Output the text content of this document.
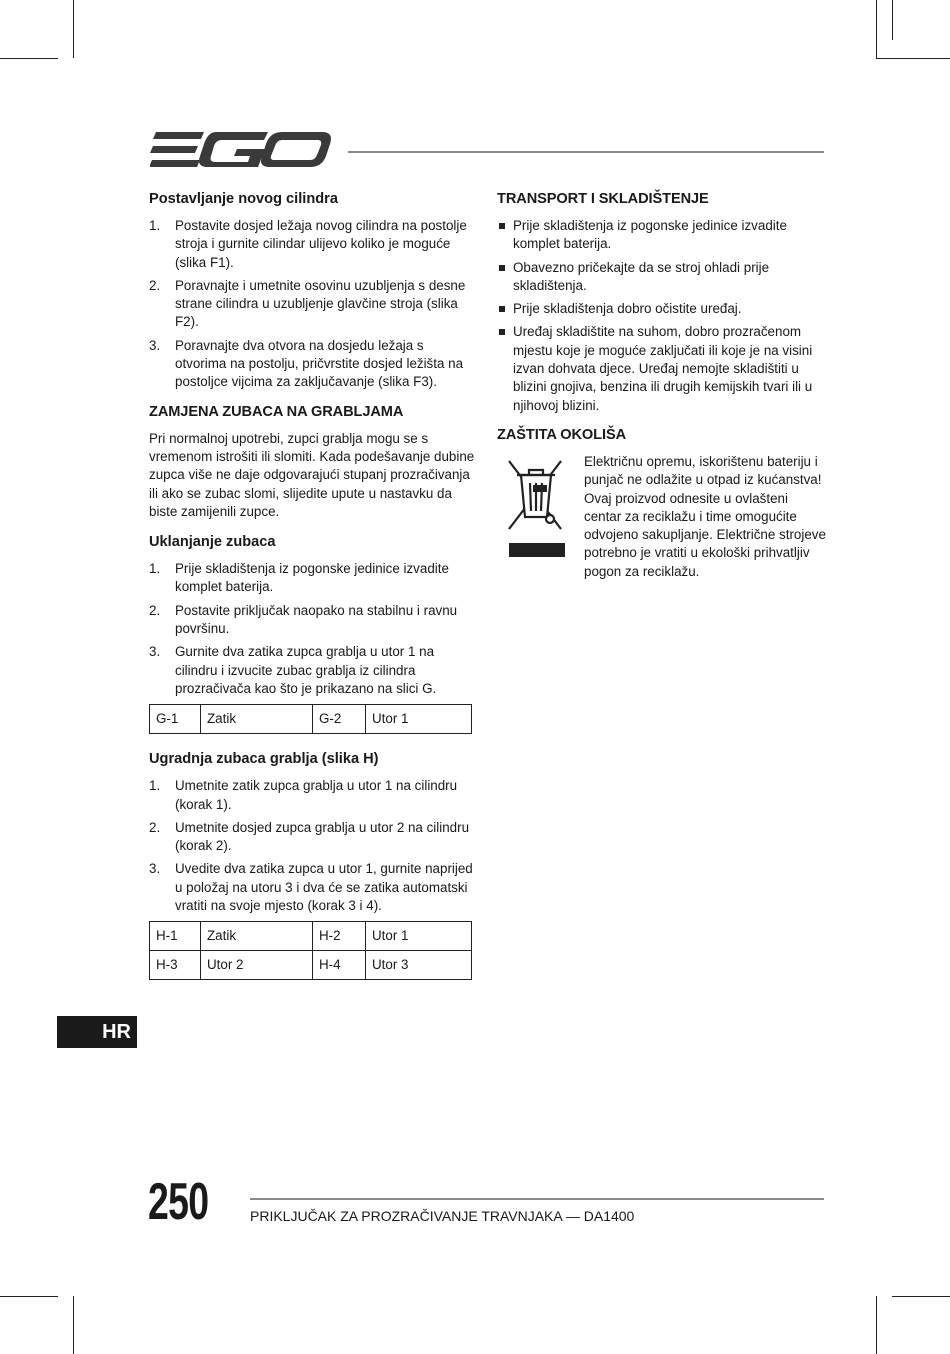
Postavljanje novog cilindra
1. Postavite dosjed ležaja novog cilindra na postolje stroja i gurnite cilindar ulijevo koliko je moguće (slika F1).
2. Poravnajte i umetnite osovinu uzubljenja s desne strane cilindra u uzubljenje glavčine stroja (slika F2).
3. Poravnajte dva otvora na dosjedu ležaja s otvorima na postolju, pričvrstite dosjed ležišta na postoljce vijcima za zaključavanje (slika F3).
ZAMJENA ZUBACA NA GRABLJAMA

Pri normalnoj upotrebi, zupci grablja mogu se s vremenom istrošiti ili slomiti. Kada podešavanje dubine zupca više ne daje odgovarajući stupanj prozračivanja ili ako se zubac slomi, slijedite upute u nastavku da biste zamijenili zupce.

Uklanjanje zubaca
1. Prije skladištenja iz pogonske jedinice izvadite komplet baterija.
2. Postavite priključak naopako na stabilnu i ravnu površinu.
3. Gurnite dva zatika zupca grablja u utor 1 na cilindru i izvucite zubac grablja iz cilindra prozračivača kao što je prikazano na slici G.
G-1	Zatik	G-2	Utor 1
Ugradnja zubaca grablja (slika H)
1. Umetnite zatik zupca grablja u utor 1 na cilindru (korak 1).
2. Umetnite dosjed zupca grablja u utor 2 na cilindru (korak 2).
3. Uvedite dva zatika zupca u utor 1, gurnite naprijed u položaj na utoru 3 i dva će se zatika automatski vratiti na svoje mjesto (korak 3 i 4).
H-1	Zatik	H-2	Utor 1
H-3	Utor 2	H-4	Utor 3
TRANSPORT I SKLADIŠTENJE
Prije skladištenja iz pogonske jedinice izvadite komplet baterija.
Obavezno pričekajte da se stroj ohladi prije skladištenja.
Prije skladištenja dobro očistite uređaj.
Uređaj skladištite na suhom, dobro prozračenom mjestu koje je moguće zaključati ili koje je na visini izvan dohvata djece. Uređaj nemojte skladištiti u blizini gnojiva, benzina ili drugih kemijskih tvari ili u njihovoj blizini.
ZAŠTITA OKOLIŠA

Električnu opremu, iskorištenu bateriju i punjač ne odlažite u otpad iz kućanstva! Ovaj proizvod odnesite u ovlašteni centar za reciklažu i time omogućite odvojeno sakupljanje. Električne strojeve potrebno je vratiti u ekološki prihvatljiv pogon za reciklažu.

HR
250	PRIKLJUČAK ZA PROZRAČIVANJE TRAVNJAKA — DA1400
